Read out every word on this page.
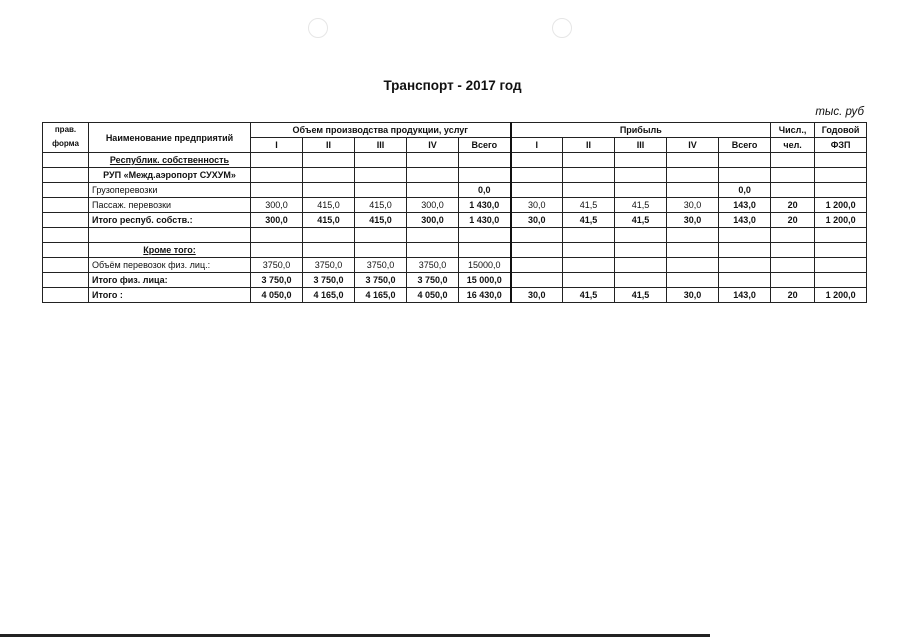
Транспорт - 2017 год
тыс. руб
прав.
форма	Наименование предприятий	Объем производства продукции, услуг					Прибыль					Числ.,	Годовой
		I	II	III	IV	Всего	I	II	III	IV	Всего	чел.	ФЗП
	Республик. собственность												
	РУП «Межд.аэропорт СУХУМ»												
	Грузоперевозки					0,0					0,0		
	Пассаж. перевозки	300,0	415,0	415,0	300,0	1 430,0	30,0	41,5	41,5	30,0	143,0	20	1 200,0
	Итого респуб. собств.:	300,0	415,0	415,0	300,0	1 430,0	30,0	41,5	41,5	30,0	143,0	20	1 200,0

	Кроме того:												
	Объём перевозок физ. лиц.:	3750,0	3750,0	3750,0	3750,0	15000,0							
	Итого физ. лица:	3 750,0	3 750,0	3 750,0	3 750,0	15 000,0							
	Итого :	4 050,0	4 165,0	4 165,0	4 050,0	16 430,0	30,0	41,5	41,5	30,0	143,0	20	1 200,0
